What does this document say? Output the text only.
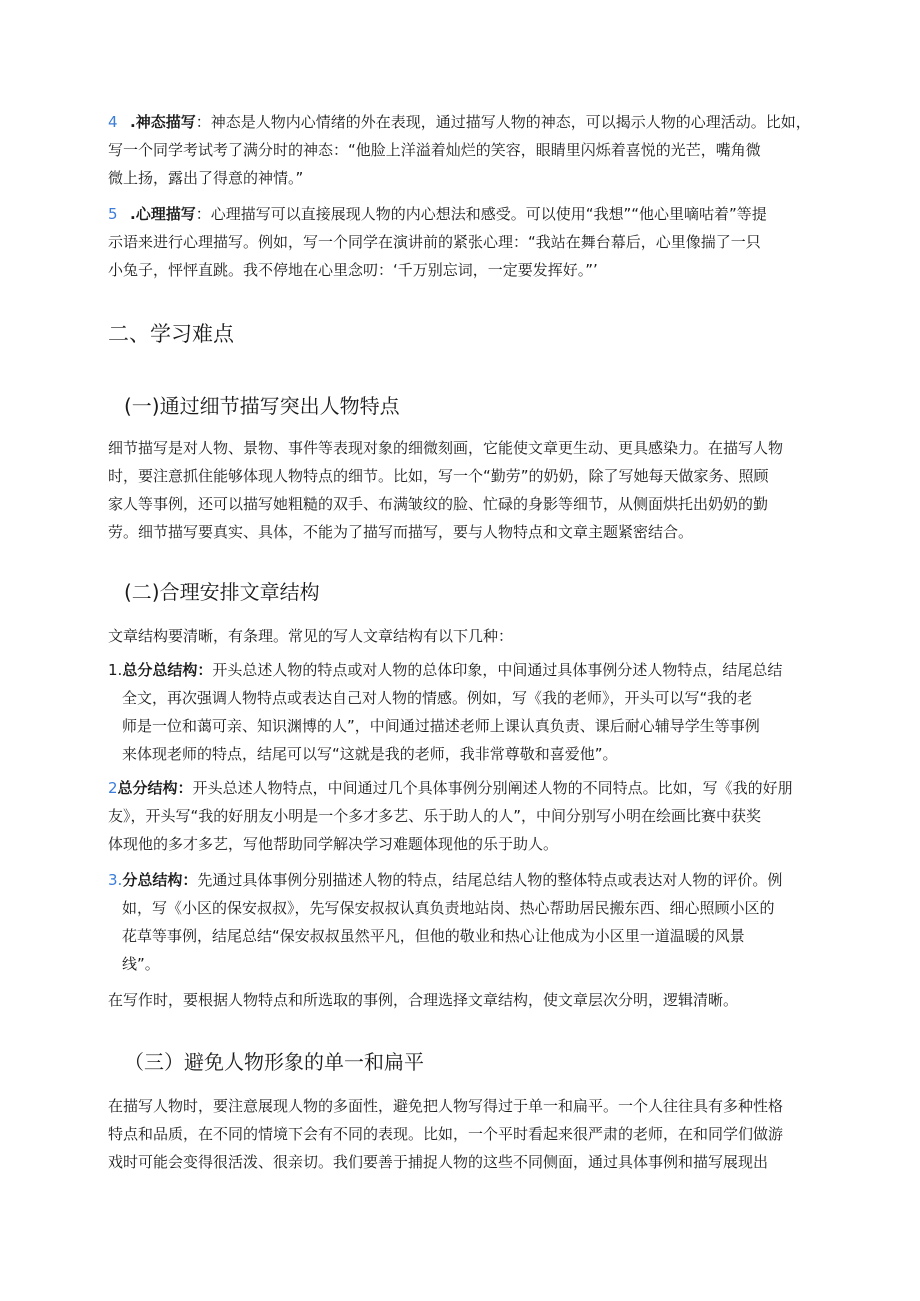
4 .神态描写：神态是人物内心情绪的外在表现，通过描写人物的神态，可以揭示人物的心理活动。比如，
写一个同学考试考了满分时的神态：“他脸上洋溢着灿烂的笑容，眼睛里闪烁着喜悦的光芒，嘴角微
微上扬，露出了得意的神情。”
5 .心理描写：心理描写可以直接展现人物的内心想法和感受。可以使用“我想”“他心里嘀咕着”等提
示语来进行心理描写。例如，写一个同学在演讲前的紧张心理：“我站在舞台幕后，心里像揣了一只
小兔子，怦怦直跳。我不停地在心里念叨：‘千万别忘词，一定要发挥好。”’
二、学习难点
(一)通过细节描写突出人物特点
细节描写是对人物、景物、事件等表现对象的细微刻画，它能使文章更生动、更具感染力。在描写人物
时，要注意抓住能够体现人物特点的细节。比如，写一个“勤劳”的奶奶，除了写她每天做家务、照顾
家人等事例，还可以描写她粗糙的双手、布满皱纹的脸、忙碌的身影等细节，从侧面烘托出奶奶的勤
劳。细节描写要真实、具体，不能为了描写而描写，要与人物特点和文章主题紧密结合。
(二)合理安排文章结构
文章结构要清晰，有条理。常见的写人文章结构有以下几种：
1.总分总结构：开头总述人物的特点或对人物的总体印象，中间通过具体事例分述人物特点，结尾总结
全文，再次强调人物特点或表达自己对人物的情感。例如，写《我的老师》，开头可以写“我的老
师是一位和蔼可亲、知识渊博的人”，中间通过描述老师上课认真负责、课后耐心辅导学生等事例
来体现老师的特点，结尾可以写“这就是我的老师，我非常尊敬和喜爱他”。
2总分结构：开头总述人物特点，中间通过几个具体事例分别阐述人物的不同特点。比如，写《我的好朋
友》，开头写“我的好朋友小明是一个多才多艺、乐于助人的人”，中间分别写小明在绘画比赛中获奖
体现他的多才多艺，写他帮助同学解决学习难题体现他的乐于助人。
3.分总结构：先通过具体事例分别描述人物的特点，结尾总结人物的整体特点或表达对人物的评价。例
如，写《小区的保安叔叔》，先写保安叔叔认真负责地站岗、热心帮助居民搬东西、细心照顾小区的
花草等事例，结尾总结“保安叔叔虽然平凡，但他的敬业和热心让他成为小区里一道温暖的风景
线”。
在写作时，要根据人物特点和所选取的事例，合理选择文章结构，使文章层次分明，逻辑清晰。
（三）避免人物形象的单一和扁平
在描写人物时，要注意展现人物的多面性，避免把人物写得过于单一和扁平。一个人往往具有多种性格
特点和品质，在不同的情境下会有不同的表现。比如，一个平时看起来很严肃的老师，在和同学们做游
戏时可能会变得很活泼、很亲切。我们要善于捕捉人物的这些不同侧面，通过具体事例和描写展现出
